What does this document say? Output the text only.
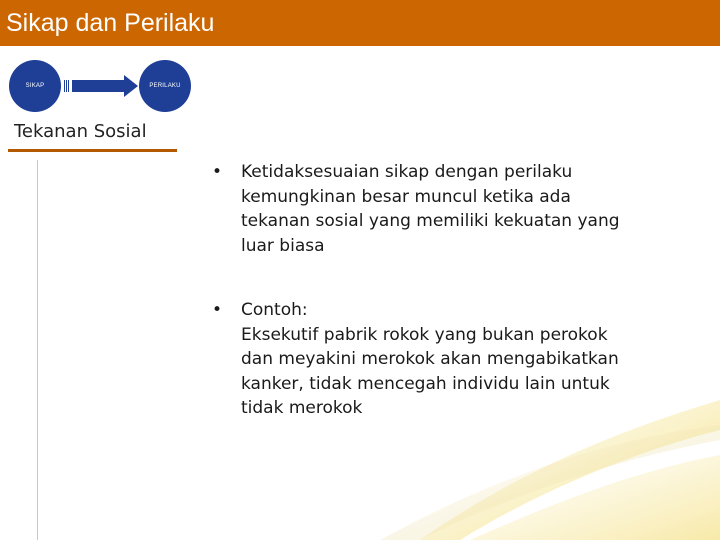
Sikap dan Perilaku
SIKAP	PERILAKU
Tekanan Sosial
•	Ketidaksesuaian sikap dengan perilaku
kemungkinan besar muncul ketika ada
tekanan sosial yang memiliki kekuatan yang
luar biasa
•	Contoh:
Eksekutif pabrik rokok yang bukan perokok
dan meyakini merokok akan mengabikatkan
kanker, tidak mencegah individu lain untuk
tidak merokok
